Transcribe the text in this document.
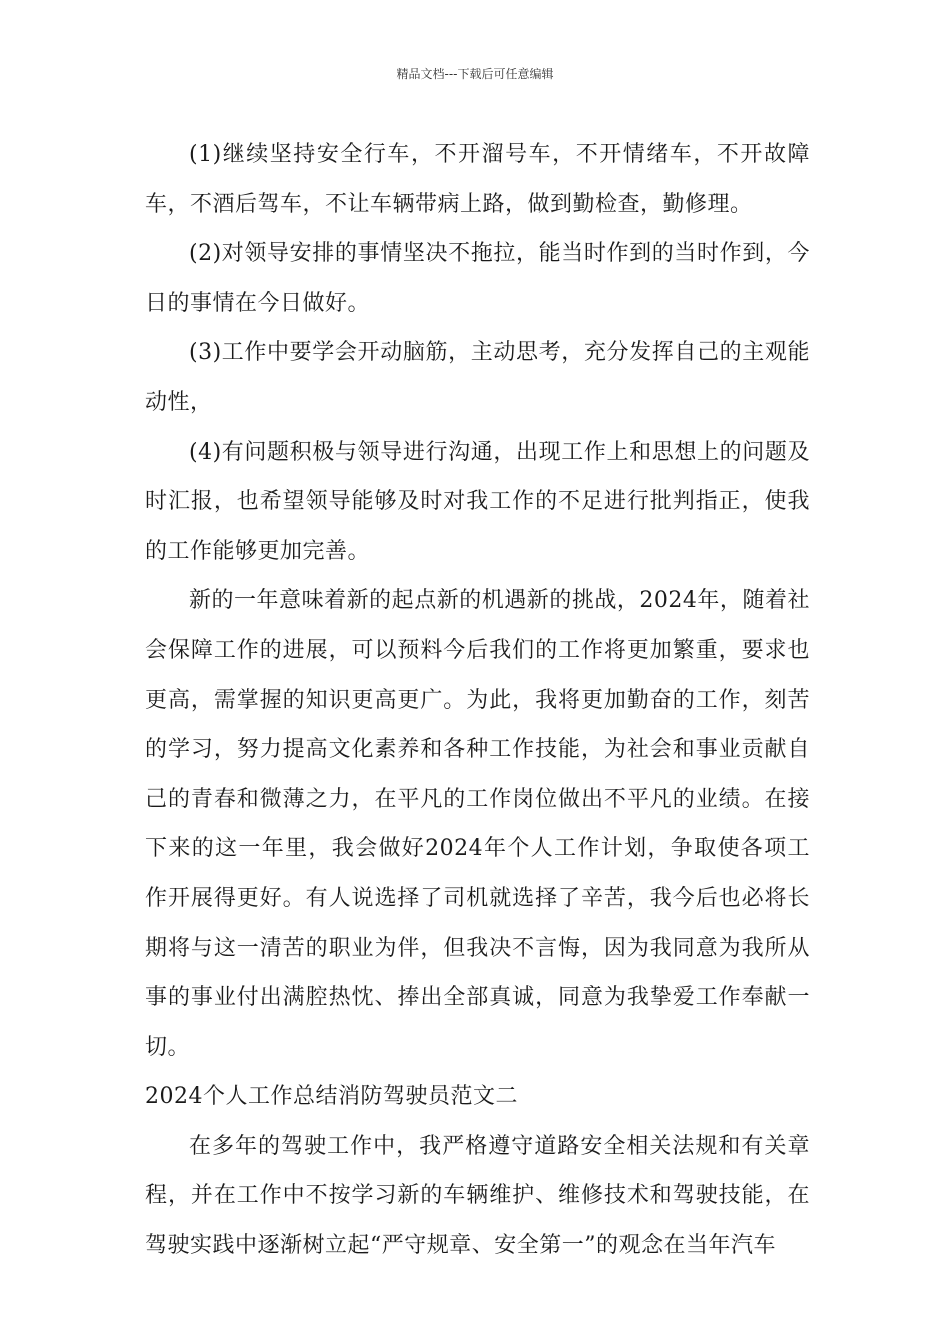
精品文档---下载后可任意编辑

(1)继续坚持安全行车，不开溜号车，不开情绪车，不开故障车，不酒后驾车，不让车辆带病上路，做到勤检查，勤修理。

(2)对领导安排的事情坚决不拖拉，能当时作到的当时作到，今日的事情在今日做好。

(3)工作中要学会开动脑筋，主动思考，充分发挥自己的主观能动性，

(4)有问题积极与领导进行沟通，出现工作上和思想上的问题及时汇报，也希望领导能够及时对我工作的不足进行批判指正，使我的工作能够更加完善。

新的一年意味着新的起点新的机遇新的挑战，2024年，随着社会保障工作的进展，可以预料今后我们的工作将更加繁重，要求也更高，需掌握的知识更高更广。为此，我将更加勤奋的工作，刻苦的学习，努力提高文化素养和各种工作技能，为社会和事业贡献自己的青春和微薄之力，在平凡的工作岗位做出不平凡的业绩。在接下来的这一年里，我会做好2024年个人工作计划，争取使各项工作开展得更好。有人说选择了司机就选择了辛苦，我今后也必将长期将与这一清苦的职业为伴，但我决不言悔，因为我同意为我所从事的事业付出满腔热忱、捧出全部真诚，同意为我挚爱工作奉献一切。

2024个人工作总结消防驾驶员范文二

在多年的驾驶工作中，我严格遵守道路安全相关法规和有关章程，并在工作中不按学习新的车辆维护、维修技术和驾驶技能，在驾驶实践中逐渐树立起“严守规章、安全第一”的观念在当年汽车
